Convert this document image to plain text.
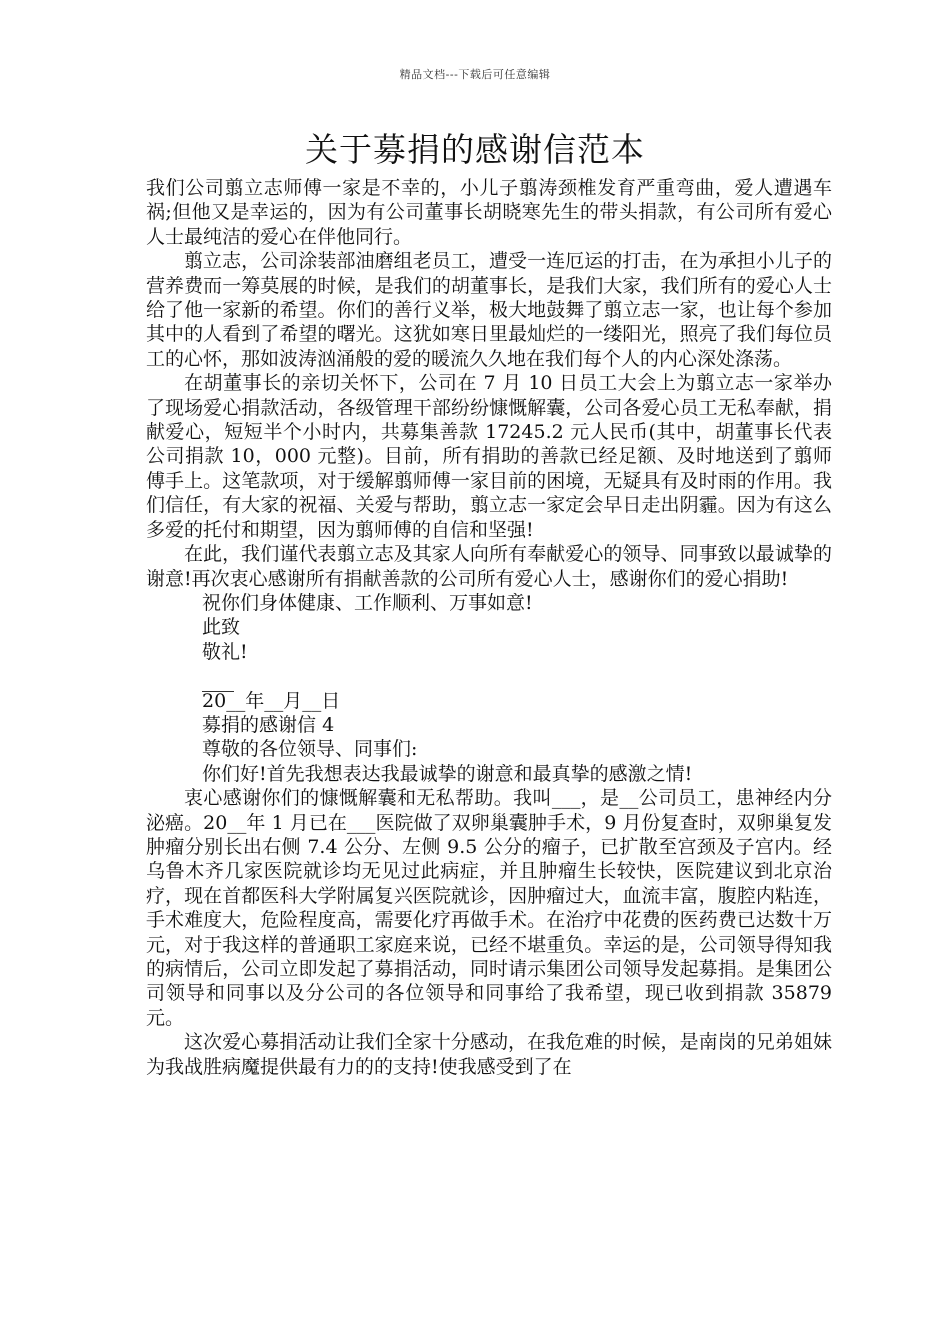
精品文档---下载后可任意编辑
关于募捐的感谢信范本

我们公司翦立志师傅一家是不幸的，小儿子翦涛颈椎发育严重弯曲，爱人遭遇车祸;但他又是幸运的，因为有公司董事长胡晓寒先生的带头捐款，有公司所有爱心人士最纯洁的爱心在伴他同行。

翦立志，公司涂装部油磨组老员工，遭受一连厄运的打击，在为承担小儿子的营养费而一筹莫展的时候，是我们的胡董事长，是我们大家，我们所有的爱心人士给了他一家新的希望。你们的善行义举，极大地鼓舞了翦立志一家，也让每个参加其中的人看到了希望的曙光。这犹如寒日里最灿烂的一缕阳光，照亮了我们每位员工的心怀，那如波涛汹涌般的爱的暖流久久地在我们每个人的内心深处涤荡。

在胡董事长的亲切关怀下，公司在 7 月 10 日员工大会上为翦立志一家举办了现场爱心捐款活动，各级管理干部纷纷慷慨解囊，公司各爱心员工无私奉献，捐献爱心，短短半个小时内，共募集善款 17245.2 元人民币(其中，胡董事长代表公司捐款 10，000 元整)。目前，所有捐助的善款已经足额、及时地送到了翦师傅手上。这笔款项，对于缓解翦师傅一家目前的困境，无疑具有及时雨的作用。我们信任，有大家的祝福、关爱与帮助，翦立志一家定会早日走出阴霾。因为有这么多爱的托付和期望，因为翦师傅的自信和坚强!

在此，我们谨代表翦立志及其家人向所有奉献爱心的领导、同事致以最诚挚的谢意!再次衷心感谢所有捐献善款的公司所有爱心人士，感谢你们的爱心捐助!

祝你们身体健康、工作顺利、万事如意!

此致

敬礼!

20__年__月__日

募捐的感谢信 4

尊敬的各位领导、同事们:

你们好!首先我想表达我最诚挚的谢意和最真挚的感激之情!

衷心感谢你们的慷慨解囊和无私帮助。我叫___，是__公司员工，患神经内分泌癌。20__年 1 月已在___医院做了双卵巢囊肿手术，9 月份复查时，双卵巢复发肿瘤分别长出右侧 7.4 公分、左侧 9.5 公分的瘤子，已扩散至宫颈及子宫内。经乌鲁木齐几家医院就诊均无见过此病症，并且肿瘤生长较快，医院建议到北京治疗，现在首都医科大学附属复兴医院就诊，因肿瘤过大，血流丰富，腹腔内粘连，手术难度大，危险程度高，需要化疗再做手术。在治疗中花费的医药费已达数十万元，对于我这样的普通职工家庭来说，已经不堪重负。幸运的是，公司领导得知我的病情后，公司立即发起了募捐活动，同时请示集团公司领导发起募捐。是集团公司领导和同事以及分公司的各位领导和同事给了我希望，现已收到捐款 35879 元。

这次爱心募捐活动让我们全家十分感动，在我危难的时候，是南岗的兄弟姐妹为我战胜病魔提供最有力的的支持!使我感受到了在
